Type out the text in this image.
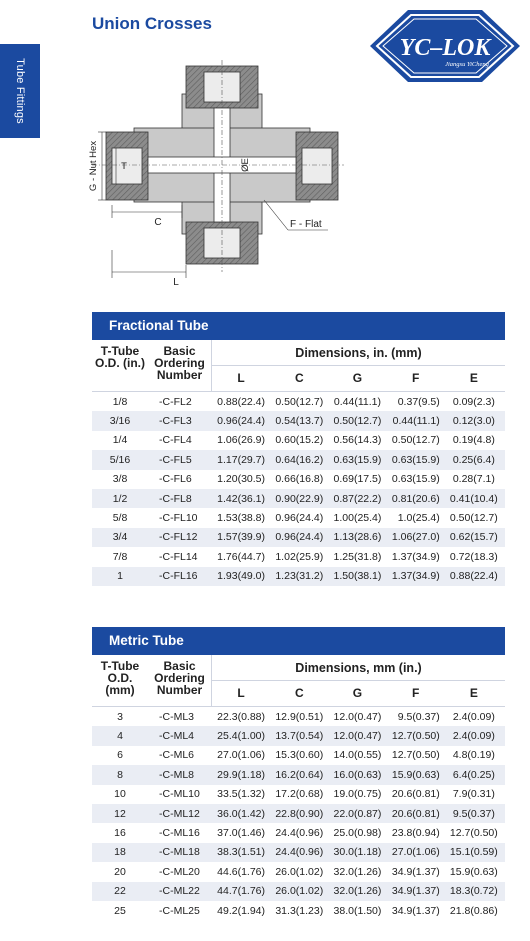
Tube Fittings
Union Crosses
YC–LOK
Jiangsu YiCheng
G - Nut Hex T
C
ØE
F - Flat
L
Fractional Tube
T-Tube O.D. (in.)
Basic Ordering Number
Dimensions, in. (mm)
L	C	G	F	E
1/8	-C-FL2	0.88(22.4) 0.50(12.7)	0.44(11.1)	0.37(9.5)	0.09(2.3)
3/16	-C-FL3	0.96(24.4) 0.54(13.7) 0.50(12.7)	0.44(11.1)	0.12(3.0)
1/4	-C-FL4	1.06(26.9) 0.60(15.2) 0.56(14.3) 0.50(12.7)	0.19(4.8)
5/16	-C-FL5	1.17(29.7) 0.64(16.2) 0.63(15.9) 0.63(15.9)	0.25(6.4)
3/8	-C-FL6	1.20(30.5) 0.66(16.8) 0.69(17.5) 0.63(15.9)	0.28(7.1)
1/2	-C-FL8	1.42(36.1) 0.90(22.9) 0.87(22.2) 0.81(20.6) 0.41(10.4)
5/8	-C-FL10	1.53(38.8) 0.96(24.4) 1.00(25.4)	1.0(25.4) 0.50(12.7)
3/4	-C-FL12	1.57(39.9) 0.96(24.4) 1.13(28.6) 1.06(27.0) 0.62(15.7)
7/8	-C-FL14	1.76(44.7) 1.02(25.9) 1.25(31.8) 1.37(34.9) 0.72(18.3)
1	-C-FL16	1.93(49.0) 1.23(31.2) 1.50(38.1) 1.37(34.9) 0.88(22.4)
Metric Tube
T-Tube O.D. (mm)
Basic Ordering Number
Dimensions, mm (in.)
L	C	G	F	E
3	-C-ML3	22.3(0.88) 12.9(0.51) 12.0(0.47)	9.5(0.37)	2.4(0.09)
4	-C-ML4	25.4(1.00) 13.7(0.54) 12.0(0.47) 12.7(0.50)	2.4(0.09)
6	-C-ML6	27.0(1.06) 15.3(0.60) 14.0(0.55) 12.7(0.50)	4.8(0.19)
8	-C-ML8	29.9(1.18) 16.2(0.64) 16.0(0.63) 15.9(0.63)	6.4(0.25)
10	-C-ML10	33.5(1.32) 17.2(0.68) 19.0(0.75) 20.6(0.81)	7.9(0.31)
12	-C-ML12	36.0(1.42) 22.8(0.90) 22.0(0.87) 20.6(0.81)	9.5(0.37)
16	-C-ML16	37.0(1.46) 24.4(0.96) 25.0(0.98) 23.8(0.94) 12.7(0.50)
18	-C-ML18	38.3(1.51) 24.4(0.96) 30.0(1.18) 27.0(1.06) 15.1(0.59)
20	-C-ML20	44.6(1.76) 26.0(1.02) 32.0(1.26) 34.9(1.37) 15.9(0.63)
22	-C-ML22	44.7(1.76) 26.0(1.02) 32.0(1.26) 34.9(1.37) 18.3(0.72)
25	-C-ML25	49.2(1.94) 31.3(1.23) 38.0(1.50) 34.9(1.37) 21.8(0.86)
